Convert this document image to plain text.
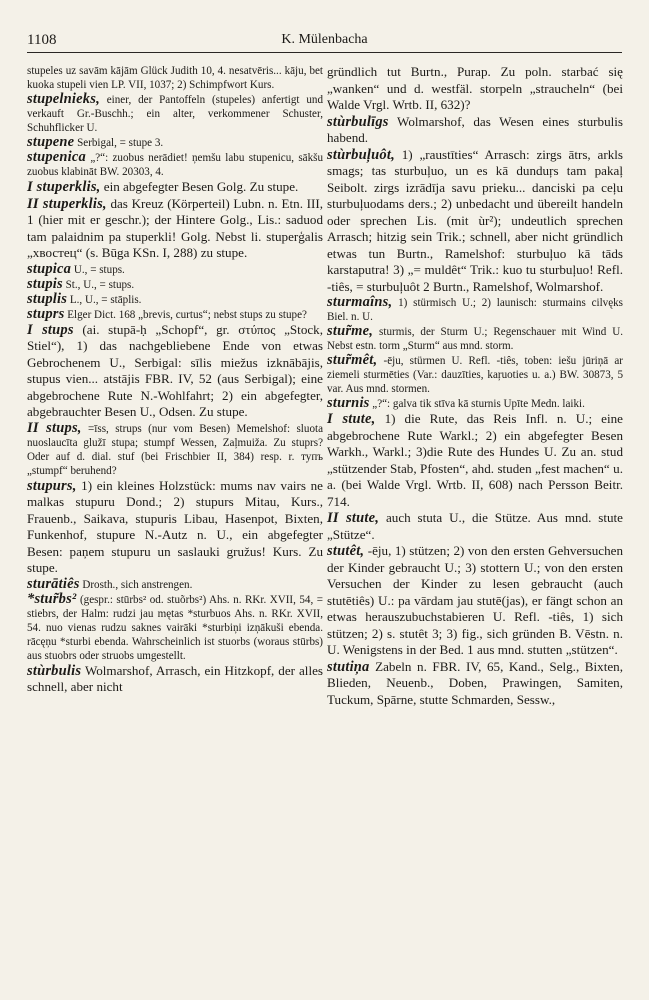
1108	K. Mülenbacha

stupeles uz savām kājām Glück Judith 10, 4. nesatvēris... kāju, bet kuoka stupeli vien LP. VII, 1037; 2) Schimpfwort Kurs.

stupelnieks, einer, der Pantoffeln (stupeles) anfertigt und verkauft Gr.-Buschh.; ein alter, verkommener Schuster, Schuhflicker U.

stupene Serbigal, = stupe 3.

stupenica „?“: zuobus nerādiet! ņemšu labu stupenicu, sākšu zuobus klabināt BW. 20303, 4.

I stuperklis, ein abgefegter Besen Golg. Zu stupe.

II stuperklis, das Kreuz (Körperteil) Lubn. n. Etn. III, 1 (hier mit er geschr.); der Hintere Golg., Lis.: saduod tam palaidnim pa stuperkli! Golg. Nebst li. stuperģalis „хвостец“ (s. Būga KSn. I, 288) zu stupe.

stupica U., = stups.

stupis St., U., = stups.

stuplis L., U., = stāplis.

stuprs Elger Dict. 168 „brevis, curtus“; nebst stups zu stupe?

I stups (ai. stupā-ḥ „Schopf“, gr. στύπος „Stock, Stiel“), 1) das nachgebliebene Ende von etwas Gebrochenem U., Serbigal: sīlis miežus izknābājis, stupus vien... atstājis FBR. IV, 52 (aus Serbigal); eine abgebrochene Rute N.-Wohlfahrt; 2) ein abgefegter, abgebrauchter Besen U., Odsen. Zu stupe.

II stups, =īss, strups (nur vom Besen) Memelshof: sluota nuoslaucīta glužī stupa; stumpf Wessen, Zaļmuiža. Zu stuprs? Oder auf d. dial. stuf (bei Frischbier II, 384) resp. r. тупъ „stumpf“ beruhend?

stupurs, 1) ein kleines Holzstück: mums nav vairs ne malkas stupuru Dond.; 2) stupurs Mitau, Kurs., Frauenb., Saikava, stupuris Libau, Hasenpot, Bixten, Funkenhof, stupure N.-Autz n. U., ein abgefegter Besen: paņem stupuru un saslauki gružus! Kurs. Zu stupe.

sturātiês Drosth., sich anstrengen.

*stur̃bs² (gespr.: stūrbs² od. stuõrbs²) Ahs. n. RKr. XVII, 54, = stiebrs, der Halm: rudzi jau mętas *sturbuos Ahs. n. RKr. XVII, 54. nuo vienas rudzu saknes vairāki *sturbiņi izņākuši ebenda. rācęņu *sturbi ebenda. Wahrscheinlich ist stuorbs (woraus stūrbs) aus stuobrs oder struobs umgestellt.

stùrbulis Wolmarshof, Arrasch, ein Hitzkopf, der alles schnell, aber nicht

gründlich tut Burtn., Purap. Zu poln. starbać się „wanken“ und d. westfäl. storpeln „straucheln“ (bei Walde Vrgl. Wrtb. II, 632)?

stùrbulīgs Wolmarshof, das Wesen eines sturbulis habend.

stùrbuļuôt, 1) „raustīties“ Arrasch: zirgs ātrs, arkls smags; tas sturbuļuo, un es kā dunduŗs tam pakaļ Seibolt. zirgs izrādīja savu prieku... danciski pa ceļu sturbuļuodams ders.; 2) unbedacht und übereilt handeln oder sprechen Lis. (mit ùr²); undeutlich sprechen Arrasch; hitzig sein Trik.; schnell, aber nicht gründlich etwas tun Burtn., Ramelshof: sturbuļuo kā tāds karstaputra! 3) „= muldêt“ Trik.: kuo tu sturbuļuo! Refl. -tiês, = sturbuļuôt 2 Burtn., Ramelshof, Wolmarshof.

sturmaîns, 1) stürmisch U.; 2) launisch: sturmains cilvęks Biel. n. U.

stur̃me, sturmis, der Sturm U.; Regenschauer mit Wind U. Nebst estn. torm „Sturm“ aus mnd. storm.

stur̃mêt, -ēju, stürmen U. Refl. -tiês, toben: iešu jūriņā ar ziemeli sturmēties (Var.: dauzīties, kaŗuoties u. a.) BW. 30873, 5 var. Aus mnd. stormen.

sturnis „?“: galva tik stīva kā sturnis Upīte Medn. laiki.

I stute, 1) die Rute, das Reis Infl. n. U.; eine abgebrochene Rute Warkl.; 2) ein abgefegter Besen Warkh., Warkl.; 3)die Rute des Hundes U. Zu an. stud „stützender Stab, Pfosten“, ahd. studen „fest machen“ u. a. (bei Walde Vrgl. Wrtb. II, 608) nach Persson Beitr. 714.

II stute, auch stuta U., die Stütze. Aus mnd. stute „Stütze“.

stutêt, -ēju, 1) stützen; 2) von den ersten Gehversuchen der Kinder gebraucht U.; 3) stottern U.; von den ersten Versuchen der Kinder zu lesen gebraucht (auch stutētiês) U.: pa vārdam jau stutē(jas), er fängt schon an etwas herauszubuchstabieren U. Refl. -tiês, 1) sich stützen; 2) s. stutêt 3; 3) fig., sich gründen B. Vēstn. n. U. Wenigstens in der Bed. 1 aus mnd. stutten „stützen“.

stutiņa Zabeln n. FBR. IV, 65, Kand., Selg., Bixten, Blieden, Neuenb., Doben, Prawingen, Samiten, Tuckum, Spārne, stutte Schmarden, Sessw.,
